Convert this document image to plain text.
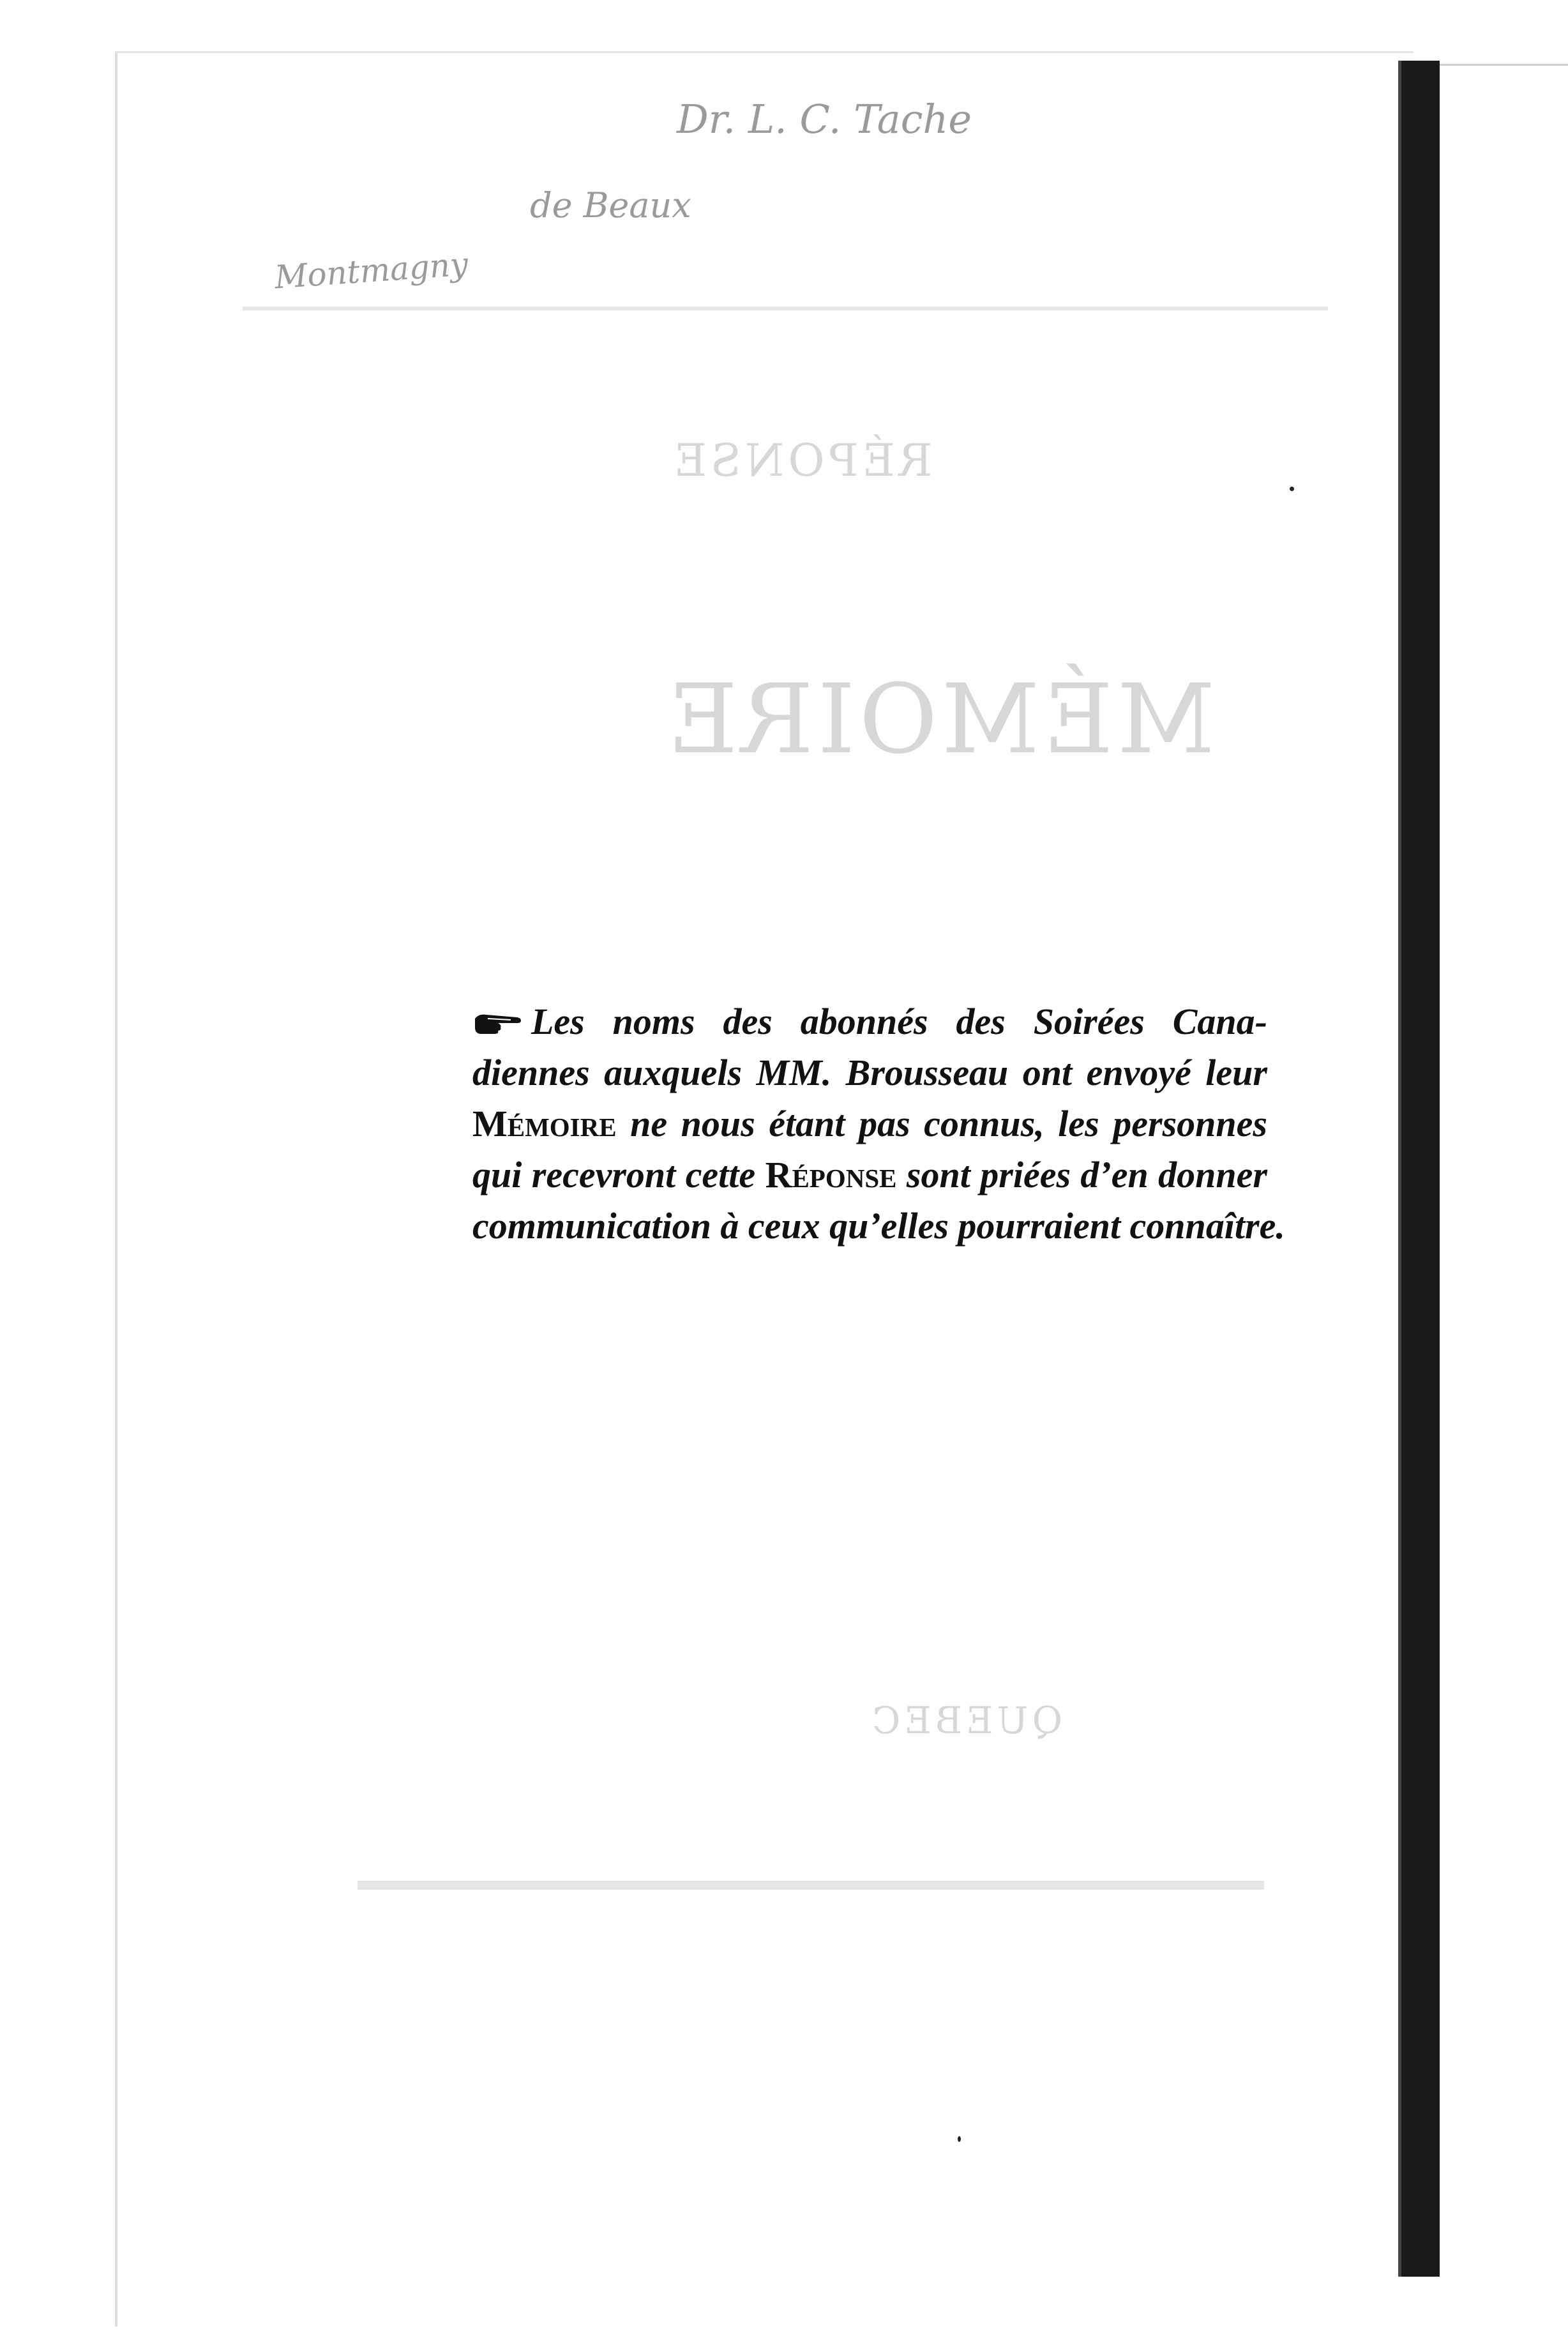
Dr. L. C. Tache
de Beaux
Montmagny
RÉPONSE
MÉMOIRE
QUEBEC
Les noms des abonnés des Soirées Cana-
diennes auxquels MM. Brousseau ont envoyé leur
Mémoire ne nous étant pas connus, les personnes
qui recevront cette Réponse sont priées d’en donner
communication à ceux qu’elles pourraient connaître.
